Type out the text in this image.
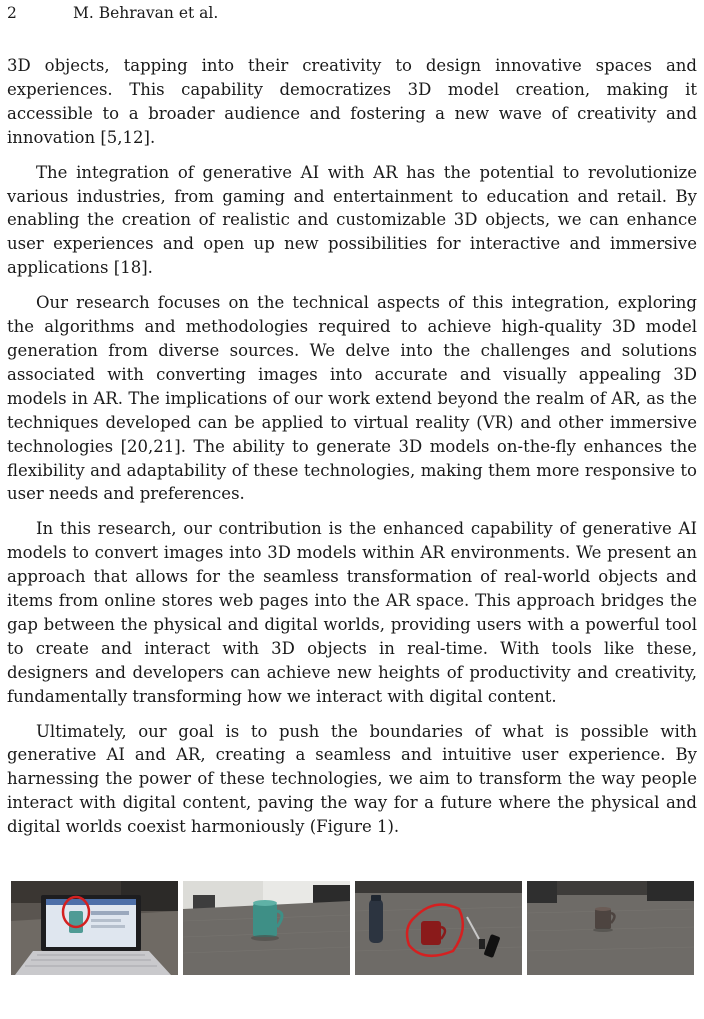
2	M. Behravan et al.

3D objects, tapping into their creativity to design innovative spaces and experiences. This capability democratizes 3D model creation, making it accessible to a broader audience and fostering a new wave of creativity and innovation [5,12].

The integration of generative AI with AR has the potential to revolutionize various industries, from gaming and entertainment to education and retail. By enabling the creation of realistic and customizable 3D objects, we can enhance user experiences and open up new possibilities for interactive and immersive applications [18].

Our research focuses on the technical aspects of this integration, exploring the algorithms and methodologies required to achieve high-quality 3D model generation from diverse sources. We delve into the challenges and solutions associated with converting images into accurate and visually appealing 3D models in AR. The implications of our work extend beyond the realm of AR, as the techniques developed can be applied to virtual reality (VR) and other immersive technologies [20,21]. The ability to generate 3D models on-the-fly enhances the flexibility and adaptability of these technologies, making them more responsive to user needs and preferences.

In this research, our contribution is the enhanced capability of generative AI models to convert images into 3D models within AR environments. We present an approach that allows for the seamless transformation of real-world objects and items from online stores web pages into the AR space. This approach bridges the gap between the physical and digital worlds, providing users with a powerful tool to create and interact with 3D objects in real-time. With tools like these, designers and developers can achieve new heights of productivity and creativity, fundamentally transforming how we interact with digital content.

Ultimately, our goal is to push the boundaries of what is possible with generative AI and AR, creating a seamless and intuitive user experience. By harnessing the power of these technologies, we aim to transform the way people interact with digital content, paving the way for a future where the physical and digital worlds coexist harmoniously (Figure 1).
